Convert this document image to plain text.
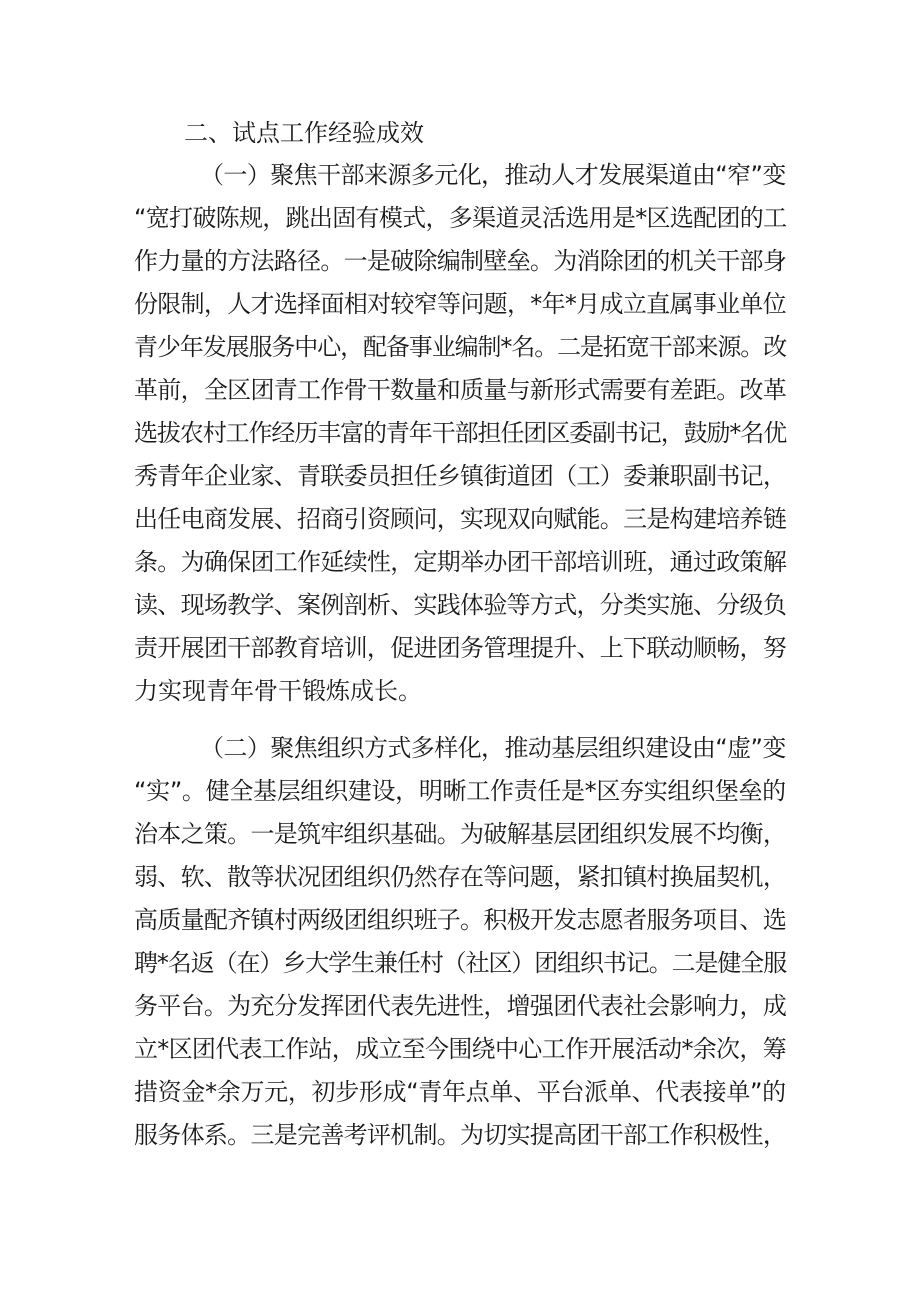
二、试点工作经验成效
（一）聚焦干部来源多元化，推动人才发展渠道由“窄”变
“宽打破陈规，跳出固有模式，多渠道灵活选用是*区选配团的工
作力量的方法路径。一是破除编制壁垒。为消除团的机关干部身
份限制，人才选择面相对较窄等问题，*年*月成立直属事业单位
青少年发展服务中心，配备事业编制*名。二是拓宽干部来源。改
革前，全区团青工作骨干数量和质量与新形式需要有差距。改革
选拔农村工作经历丰富的青年干部担任团区委副书记，鼓励*名优
秀青年企业家、青联委员担任乡镇街道团（工）委兼职副书记，
出任电商发展、招商引资顾问，实现双向赋能。三是构建培养链
条。为确保团工作延续性，定期举办团干部培训班，通过政策解
读、现场教学、案例剖析、实践体验等方式，分类实施、分级负
责开展团干部教育培训，促进团务管理提升、上下联动顺畅，努
力实现青年骨干锻炼成长。
（二）聚焦组织方式多样化，推动基层组织建设由“虚”变
“实”。健全基层组织建设，明晰工作责任是*区夯实组织堡垒的
治本之策。一是筑牢组织基础。为破解基层团组织发展不均衡，
弱、软、散等状况团组织仍然存在等问题，紧扣镇村换届契机，
高质量配齐镇村两级团组织班子。积极开发志愿者服务项目、选
聘*名返（在）乡大学生兼任村（社区）团组织书记。二是健全服
务平台。为充分发挥团代表先进性，增强团代表社会影响力，成
立*区团代表工作站，成立至今围绕中心工作开展活动*余次，筹
措资金*余万元，初步形成“青年点单、平台派单、代表接单”的
服务体系。三是完善考评机制。为切实提高团干部工作积极性，
